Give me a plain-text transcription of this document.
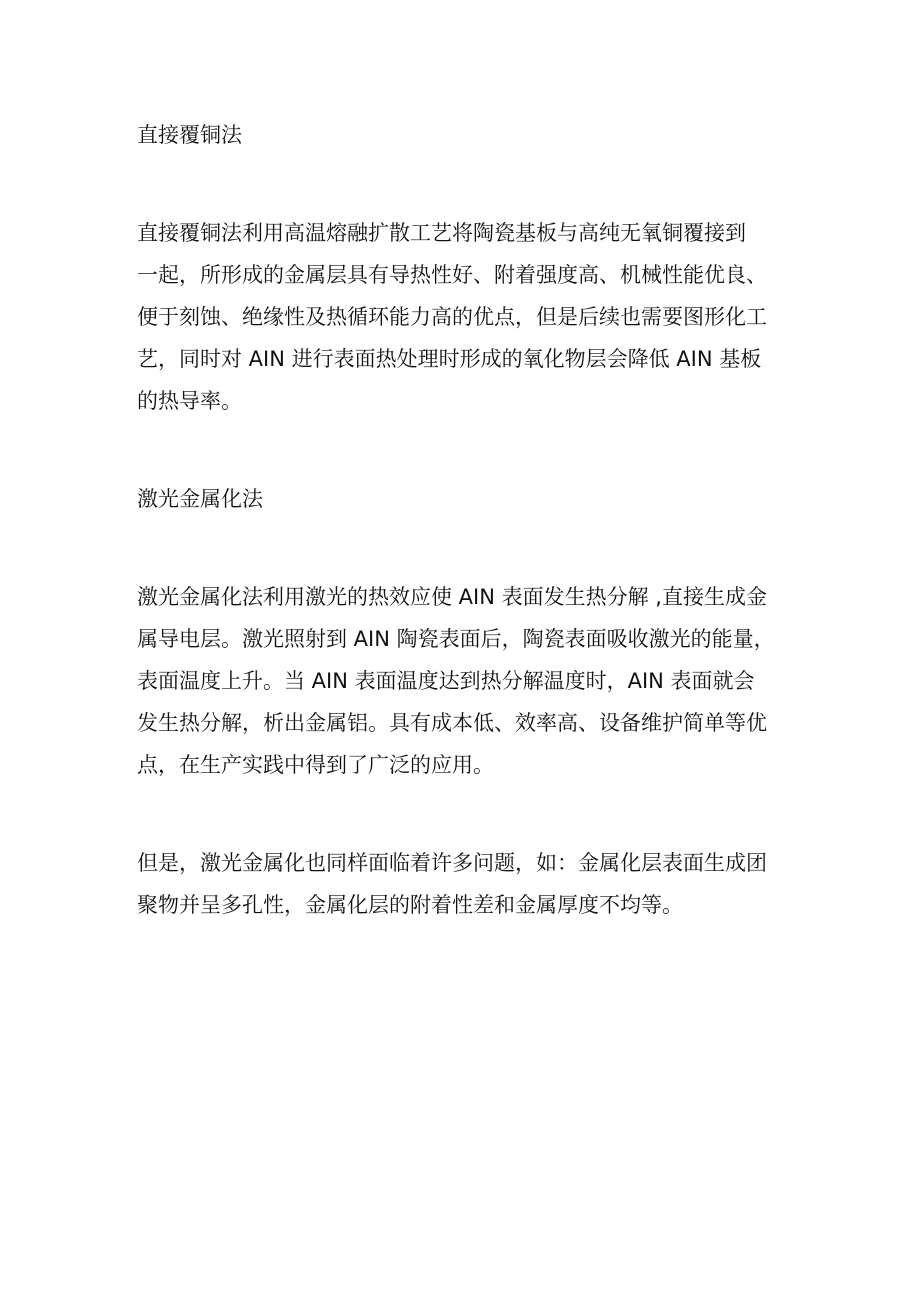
直接覆铜法
直接覆铜法利用高温熔融扩散工艺将陶瓷基板与高纯无氧铜覆接到
一起，所形成的金属层具有导热性好、附着强度高、机械性能优良、
便于刻蚀、绝缘性及热循环能力高的优点，但是后续也需要图形化工
艺，同时对 AIN 进行表面热处理时形成的氧化物层会降低 AIN 基板
的热导率。
激光金属化法
激光金属化法利用激光的热效应使 AIN 表面发生热分解 ,直接生成金
属导电层。激光照射到 AIN 陶瓷表面后，陶瓷表面吸收激光的能量，
表面温度上升。当 AIN 表面温度达到热分解温度时，AIN 表面就会
发生热分解，析出金属铝。具有成本低、效率高、设备维护简单等优
点，在生产实践中得到了广泛的应用。
但是，激光金属化也同样面临着许多问题，如：金属化层表面生成团
聚物并呈多孔性，金属化层的附着性差和金属厚度不均等。
